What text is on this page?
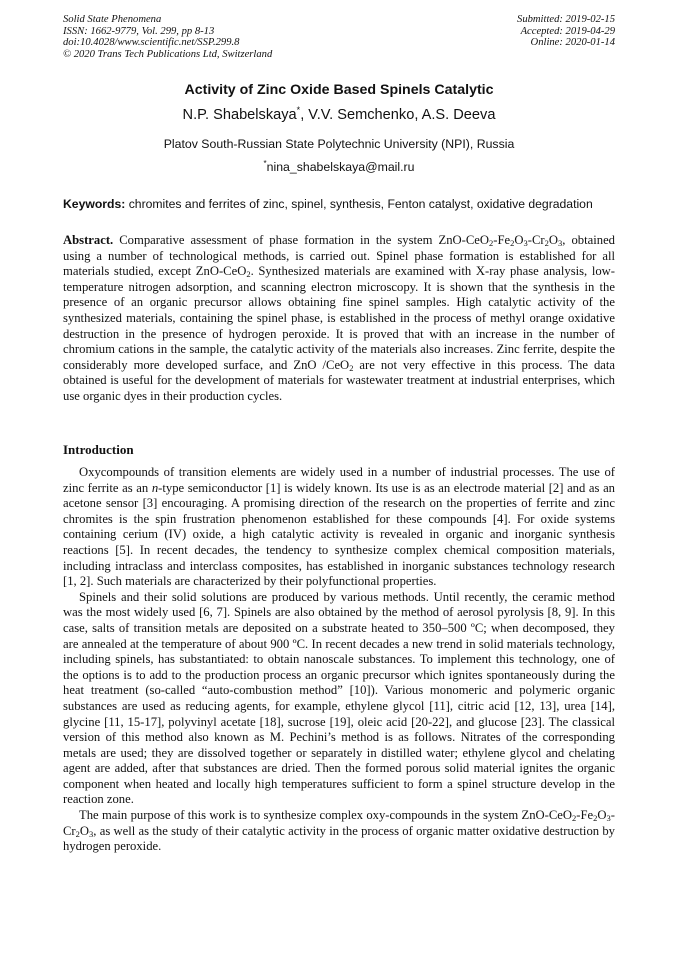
Solid State Phenomena
ISSN: 1662-9779, Vol. 299, pp 8-13
doi:10.4028/www.scientific.net/SSP.299.8
© 2020 Trans Tech Publications Ltd, Switzerland
Submitted: 2019-02-15
Accepted: 2019-04-29
Online: 2020-01-14
Activity of Zinc Oxide Based Spinels Catalytic
N.P. Shabelskaya*, V.V. Semchenko, A.S. Deeva
Platov South-Russian State Polytechnic University (NPI), Russia
*nina_shabelskaya@mail.ru
Keywords: chromites and ferrites of zinc, spinel, synthesis, Fenton catalyst, oxidative degradation
Abstract. Comparative assessment of phase formation in the system ZnO-$CeO_2-Fe_2O_3-Cr_2O_3$, obtained using a number of technological methods, is carried out. Spinel phase formation is established for all materials studied, except ZnO-CeO$_2$. Synthesized materials are examined with X-ray phase analysis, low-temperature nitrogen adsorption, and scanning electron microscopy. It is shown that the synthesis in the presence of an organic precursor allows obtaining fine spinel samples. High catalytic activity of the synthesized materials, containing the spinel phase, is established in the process of methyl orange oxidative destruction in the presence of hydrogen peroxide. It is proved that with an increase in the number of chromium cations in the sample, the catalytic activity of the materials also increases. Zinc ferrite, despite the considerably more developed surface, and ZnO /CeO$_2$ are not very effective in this process. The data obtained is useful for the development of materials for wastewater treatment at industrial enterprises, which use organic dyes in their production cycles.
Introduction

Oxycompounds of transition elements are widely used in a number of industrial processes. The use of zinc ferrite as an n-type semiconductor [1] is widely known. Its use is as an electrode material [2] and as an acetone sensor [3] encouraging. A promising direction of the research on the properties of ferrite and zinc chromites is the spin frustration phenomenon established for these compounds [4]. For oxide systems containing cerium (IV) oxide, a high catalytic activity is revealed in organic and inorganic synthesis reactions [5]. In recent decades, the tendency to synthesize complex chemical composition materials, including intraclass and interclass composites, has established in inorganic substances technology research [1, 2]. Such materials are characterized by their polyfunctional properties.

Spinels and their solid solutions are produced by various methods. Until recently, the ceramic method was the most widely used [6, 7]. Spinels are also obtained by the method of aerosol pyrolysis [8, 9]. In this case, salts of transition metals are deposited on a substrate heated to 350–500 ºC; when decomposed, they are annealed at the temperature of about 900 ºC. In recent decades a new trend in solid materials technology, including spinels, has substantiated: to obtain nanoscale substances. To implement this technology, one of the options is to add to the production process an organic precursor which ignites spontaneously during the heat treatment (so-called “auto-combustion method” [10]). Various monomeric and polymeric organic substances are used as reducing agents, for example, ethylene glycol [11], citric acid [12, 13], urea [14], glycine [11, 15-17], polyvinyl acetate [18], sucrose [19], oleic acid [20-22], and glucose [23]. The classical version of this method also known as M. Pechini’s method is as follows. Nitrates of the corresponding metals are used; they are dissolved together or separately in distilled water; ethylene glycol and chelating agent are added, after that substances are dried. Then the formed porous solid material ignites the organic component when heated and locally high temperatures sufficient to form a spinel structure develop in the reaction zone.

The main purpose of this work is to synthesize complex oxy-compounds in the system ZnO-$CeO_2-Fe_2O_3-Cr_2O_3$, as well as the study of their catalytic activity in the process of organic matter oxidative destruction by hydrogen peroxide.
